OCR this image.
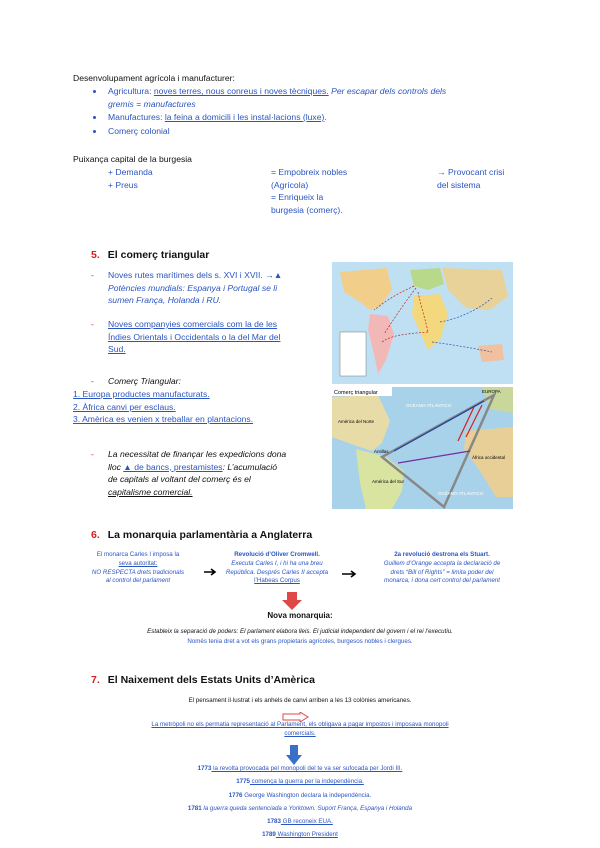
Desenvolupament agrícola i manufacturer:
Agricultura: noves terres, nous conreus i noves tècniques. Per escapar dels controls dels
gremis = manufactures
Manufactures: la feina a domicili i les instal·lacions (luxe).
Comerç colonial
Puixança capital de la burgesia
+ Demanda
+ Preus
= Empobreix nobles
(Agrícola)
= Enriqueix la
burgesia (comerç).
→ Provocant crisi
del sistema
5. El comerç triangular
- Noves rutes marítimes dels s. XVI i XVII. →▲
Potències mundials: Espanya i Portugal se li
sumen França, Holanda i RU.
- Noves companyies comercials com la de les
Índies Orientals i Occidentals o la del Mar del
Sud.
- Comerç Triangular:
1. Europa productes manufacturats.
2. Àfrica canvi per esclaus.
3. Amèrica es venien x treballar en plantacions.
- La necessitat de finançar les expedicions dona
lloc ▲ de bancs, prestamistes: L’acumulació
de capitals al voltant del comerç és el
capitalisme comercial.
Comerç triangular	EUROPA
OCÉANO ATLÁNTICO
América del Norte
Antillas
África occidental
América del Sur
OCÉANO ATLÁNTICO
6. La monarquia parlamentària a Anglaterra
El monarca Carles I imposa la
seva autoritat:
NO RESPECTA drets tradicionals
al control del parlament
Revolució d’Oliver Cromwell.
Executa Carles I, i hi ha una breu
República. Després Carles II accepta
l’Habeas Corpus
2a revolució destrona els Stuart.
Guillem d’Orange accepta la declaració de
drets “Bill of Rights” = limita poder del
monarca, i dona cert control del parlament
Nova monarquia:
Estableix la separació de poders: El parlament elabora lleis. El judicial independent del govern i el rei l’executiu.
Només tenia dret a vot els grans propietaris agrícoles, burgesos nobles i clergues.
7. El Naixement dels Estats Units d’Amèrica
El pensament il·lustrat i els anhels de canvi arriben a les 13 colònies americanes.
La metròpoli no els permatia representació al Parlament, els obligava a pagar impostos i imposava monopoli
comercials.
1773 la revolta provocada pel monopoli del te va ser sufocada per Jordi III.
1775 comença la guerra per la independència.
1776 George Washington declara la independència.
1781 la guerra queda sentenciada a Yorktown. Suport França, Espanya i Holanda
1783 GB reconeix EUA.
1789 Washington President
